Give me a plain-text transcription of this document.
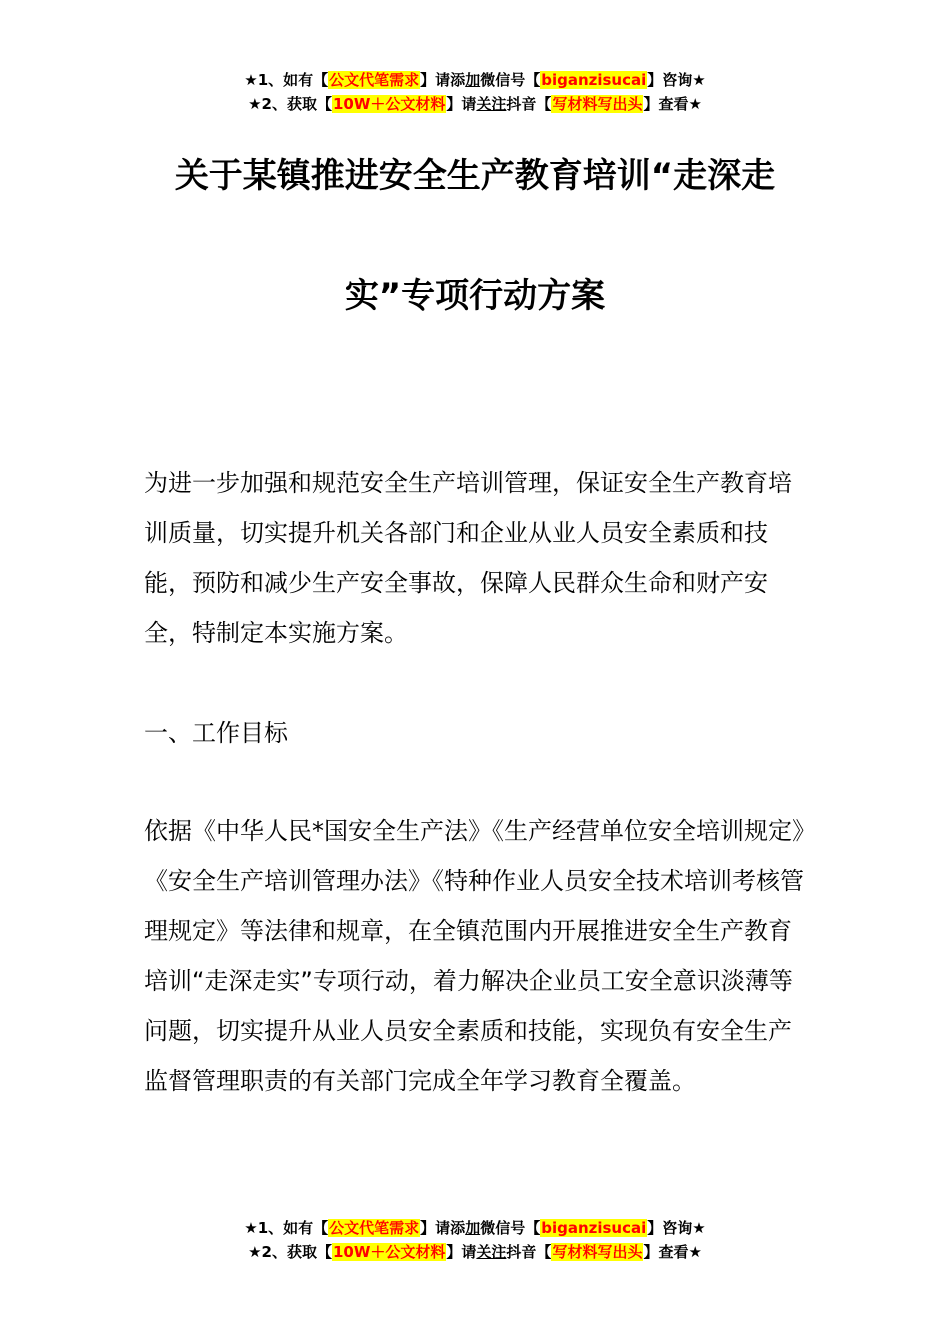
★1、如有【公文代笔需求】请添加微信号【biganzisucai】咨询★
★2、获取【10W＋公文材料】请关注抖音【写材料写出头】查看★
关于某镇推进安全生产教育培训“走深走
实”专项行动方案

为进一步加强和规范安全生产培训管理，保证安全生产教育培训质量，切实提升机关各部门和企业从业人员安全素质和技能，预防和减少生产安全事故，保障人民群众生命和财产安全，特制定本实施方案。

一、工作目标

依据《中华人民*国安全生产法》《生产经营单位安全培训规定》《安全生产培训管理办法》《特种作业人员安全技术培训考核管理规定》等法律和规章，在全镇范围内开展推进安全生产教育培训“走深走实”专项行动，着力解决企业员工安全意识淡薄等问题，切实提升从业人员安全素质和技能，实现负有安全生产监督管理职责的有关部门完成全年学习教育全覆盖。

★1、如有【公文代笔需求】请添加微信号【biganzisucai】咨询★
★2、获取【10W＋公文材料】请关注抖音【写材料写出头】查看★
